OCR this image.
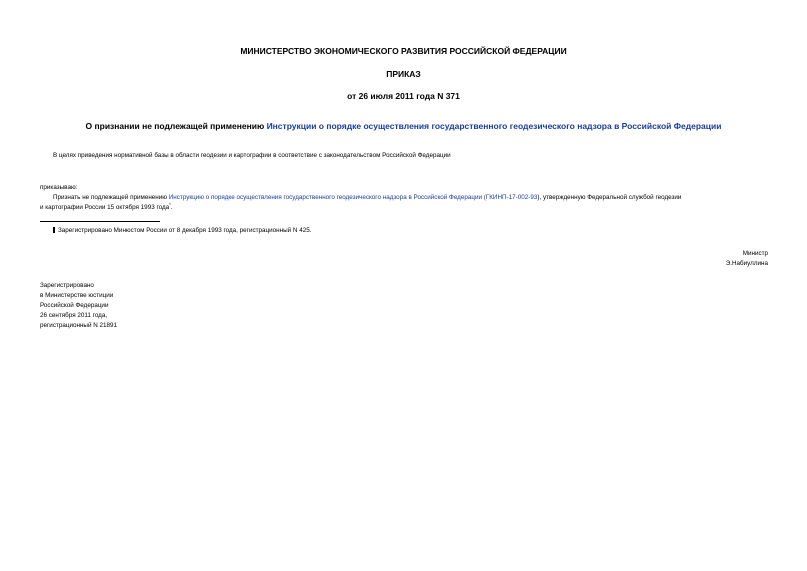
МИНИСТЕРСТВО ЭКОНОМИЧЕСКОГО РАЗВИТИЯ РОССИЙСКОЙ ФЕДЕРАЦИИ
ПРИКАЗ
от 26 июля 2011 года N 371
О признании не подлежащей применению Инструкции о порядке осуществления государственного геодезического надзора в Российской Федерации
В целях приведения нормативной базы в области геодезии и картографии в соответствие с законодательством Российской Федерации
приказываю:
Признать не подлежащей применению Инструкцию о порядке осуществления государственного геодезического надзора в Российской Федерации (ГКИНП-17-002-93), утвержденную Федеральной службой геодезии
и картографии России 15 октября 1993 года*.
Зарегистрировано Минюстом России от 8 декабря 1993 года, регистрационный N 425.
Министр
Э.Набиуллина
Зарегистрировано
в Министерстве юстиции
Российской Федерации
26 сентября 2011 года,
регистрационный N 21891
